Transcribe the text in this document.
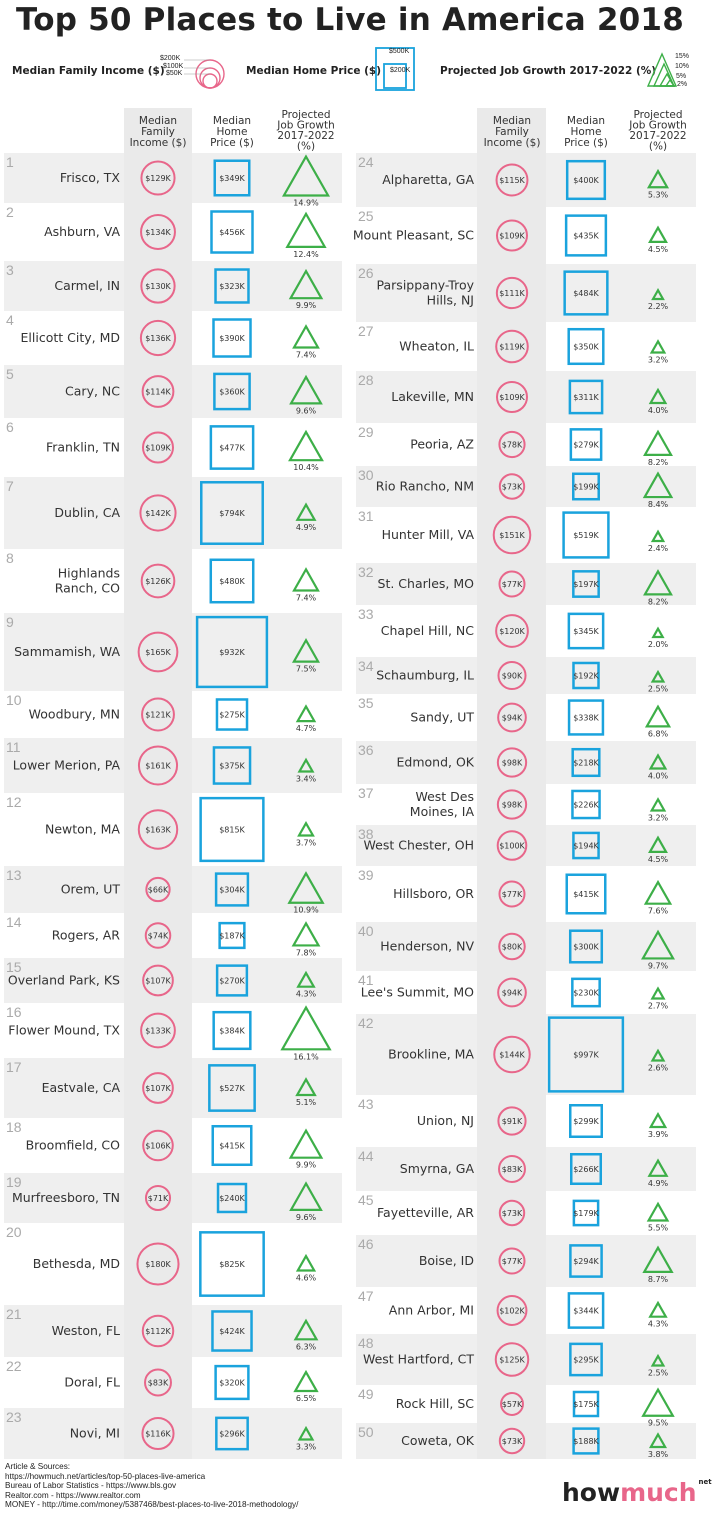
Top 50 Places to Live in America 2018
Median Family Income ($)
$200K
$100K
$50K	Median Home Price ($)
$500K
$200K	Projected Job Growth 2017-2022 (%)
15%
10%
5%
2%
Median
Family
Income ($)
Median
Home
Price ($)
Projected
Job Growth
2017-2022
(%)
Median
Family
Income ($)
Median
Home
Price ($)
Projected
Job Growth
2017-2022
(%)
1
Frisco, TX	$129K	$349K
14.9%
2
Ashburn, VA	$134K	$456K
12.4%
3
Carmel, IN	$130K	$323K
9.9%
4
Ellicott City, MD	$136K	$390K
7.4%
5
Cary, NC	$114K	$360K
9.6%
6
Franklin, TN	$109K	$477K
10.4%
7
Dublin, CA	$142K	$794K
4.9%
8
Highlands
Ranch, CO	$126K	$480K
7.4%
9
Sammamish, WA	$165K	$932K
7.5%
10
Woodbury, MN	$121K	$275K
4.7%
11
Lower Merion, PA	$161K	$375K
3.4%
12
Newton, MA	$163K	$815K
3.7%
13
Orem, UT	$66K	$304K
10.9%
14
Rogers, AR	$74K	$187K
7.8%
15
Overland Park, KS	$107K	$270K
4.3%
16
Flower Mound, TX	$133K	$384K
16.1%
17
Eastvale, CA	$107K	$527K
5.1%
18
Broomfield, CO	$106K	$415K
9.9%
19
Murfreesboro, TN	$71K	$240K
9.6%
20
Bethesda, MD	$180K	$825K
4.6%
21
Weston, FL	$112K	$424K
6.3%
22
Doral, FL	$83K	$320K
6.5%
23
Novi, MI	$116K	$296K
3.3%
24
Alpharetta, GA	$115K	$400K
5.3%
25
Mount Pleasant, SC	$109K	$435K
4.5%
26
Parsippany-Troy
Hills, NJ	$111K	$484K
2.2%
27
Wheaton, IL	$119K	$350K
3.2%
28
Lakeville, MN	$109K	$311K
4.0%
29
Peoria, AZ	$78K	$279K
8.2%
30
Rio Rancho, NM	$73K	$199K
8.4%
31
Hunter Mill, VA	$151K	$519K
2.4%
32
St. Charles, MO	$77K	$197K
8.2%
33
Chapel Hill, NC	$120K	$345K
2.0%
34
Schaumburg, IL	$90K	$192K
2.5%
35
Sandy, UT	$94K	$338K
6.8%
36
Edmond, OK	$98K	$218K
4.0%
37	West Des
Moines, IA	$98K	$226K
3.2%
38
West Chester, OH	$100K	$194K
4.5%
39
Hillsboro, OR	$77K	$415K
7.6%
40
Henderson, NV	$80K	$300K
9.7%
41
Lee's Summit, MO	$94K	$230K
2.7%
42
Brookline, MA	$144K	$997K
2.6%
43
Union, NJ	$91K	$299K
3.9%
44
Smyrna, GA	$83K	$266K
4.9%
45
Fayetteville, AR	$73K	$179K
5.5%
46
Boise, ID	$77K	$294K
8.7%
47
Ann Arbor, MI	$102K	$344K
4.3%
48
West Hartford, CT	$125K	$295K
2.5%
49
Rock Hill, SC	$57K	$175K
9.5%
50
Coweta, OK	$73K	$188K
3.8%
Article & Sources:
https://howmuch.net/articles/top-50-places-live-america
Bureau of Labor Statistics - https://www.bls.gov
Realtor.com - https://www.realtor.com
MONEY - http://time.com/money/5387468/best-places-to-live-2018-methodology/	howmuch $^{net}$
